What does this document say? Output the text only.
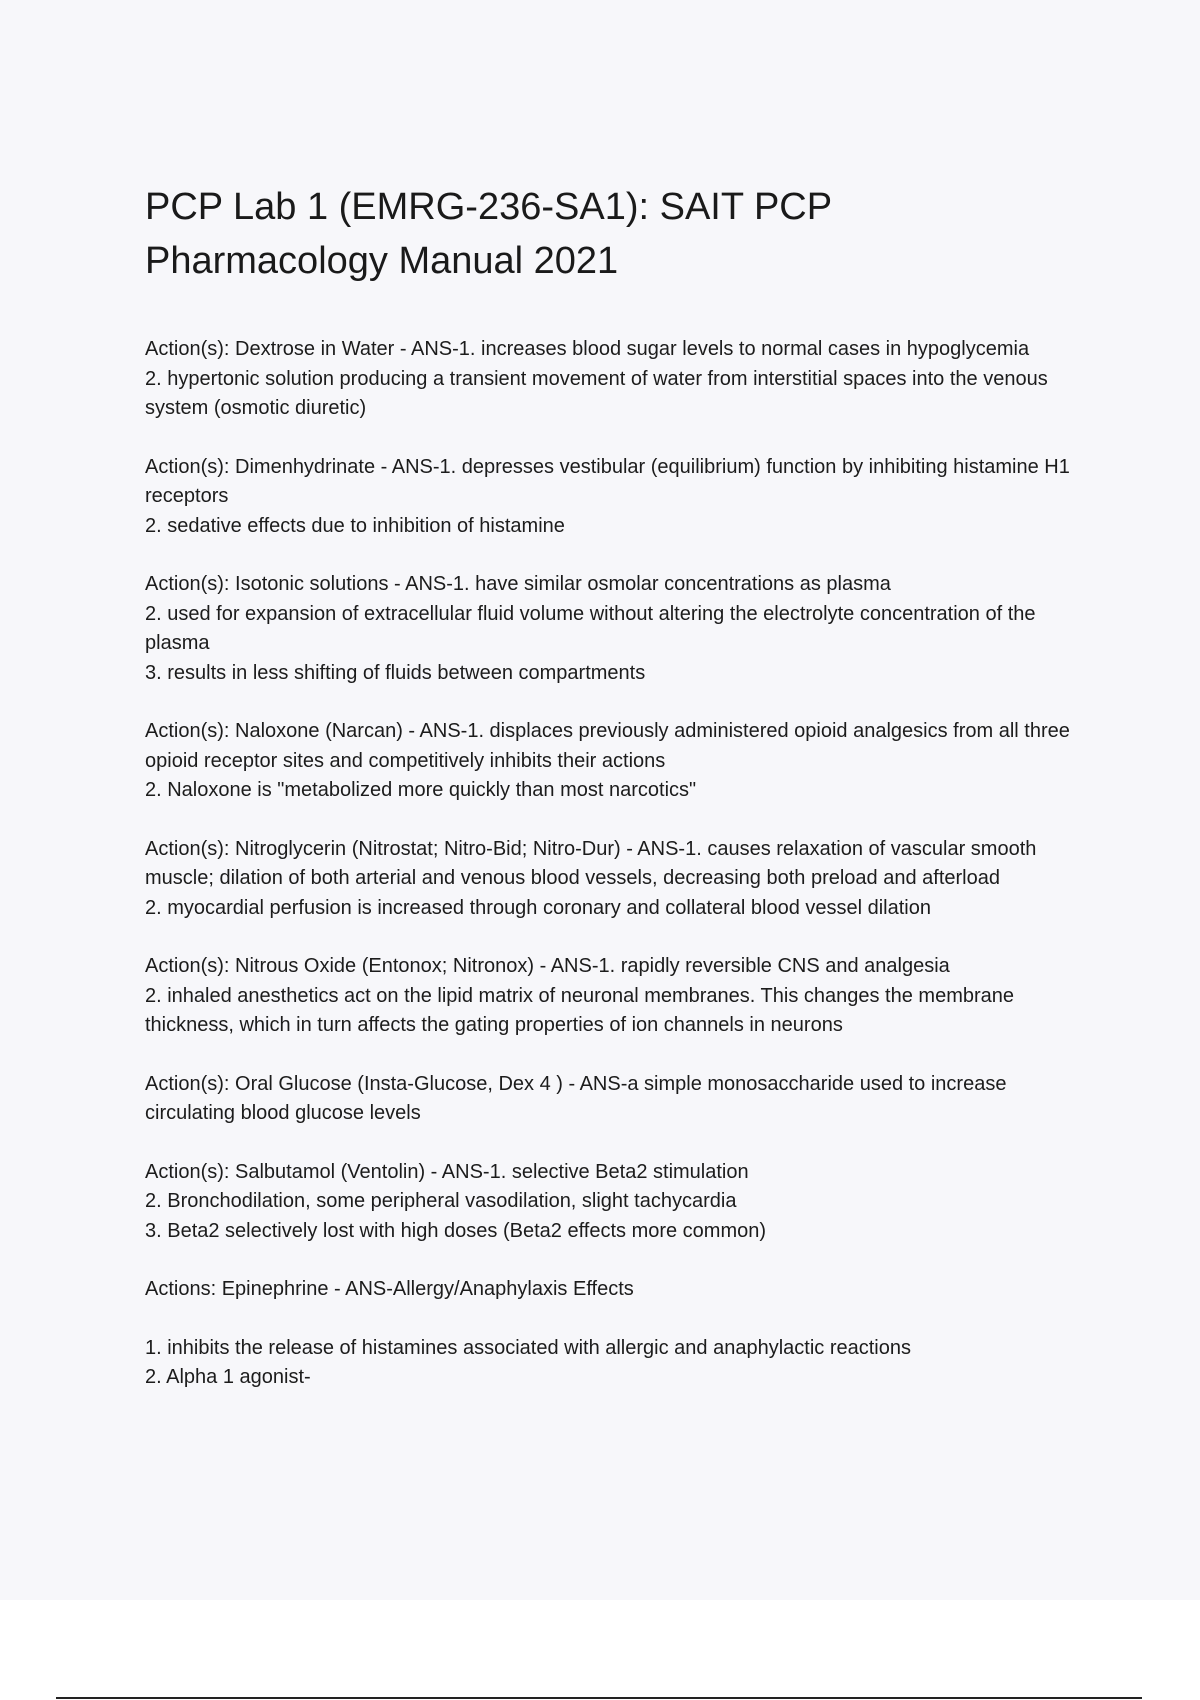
PCP Lab 1 (EMRG-236-SA1): SAIT PCP
Pharmacology Manual 2021
Action(s): Dextrose in Water - ANS-1. increases blood sugar levels to normal cases in hypoglycemia
2. hypertonic solution producing a transient movement of water from interstitial spaces into the venous system (osmotic diuretic)
Action(s): Dimenhydrinate - ANS-1. depresses vestibular (equilibrium) function by inhibiting histamine H1 receptors
2. sedative effects due to inhibition of histamine
Action(s): Isotonic solutions - ANS-1. have similar osmolar concentrations as plasma
2. used for expansion of extracellular fluid volume without altering the electrolyte concentration of the plasma
3. results in less shifting of fluids between compartments
Action(s): Naloxone (Narcan) - ANS-1. displaces previously administered opioid analgesics from all three opioid receptor sites and competitively inhibits their actions
2. Naloxone is "metabolized more quickly than most narcotics"
Action(s): Nitroglycerin (Nitrostat; Nitro-Bid; Nitro-Dur) - ANS-1. causes relaxation of vascular smooth muscle; dilation of both arterial and venous blood vessels, decreasing both preload and afterload
2. myocardial perfusion is increased through coronary and collateral blood vessel dilation
Action(s): Nitrous Oxide (Entonox; Nitronox) - ANS-1. rapidly reversible CNS and analgesia
2. inhaled anesthetics act on the lipid matrix of neuronal membranes. This changes the membrane thickness, which in turn affects the gating properties of ion channels in neurons
Action(s): Oral Glucose (Insta-Glucose, Dex 4 ) - ANS-a simple monosaccharide used to increase circulating blood glucose levels
Action(s): Salbutamol (Ventolin) - ANS-1. selective Beta2 stimulation
2. Bronchodilation, some peripheral vasodilation, slight tachycardia
3. Beta2 selectively lost with high doses (Beta2 effects more common)
Actions: Epinephrine - ANS-Allergy/Anaphylaxis Effects
1. inhibits the release of histamines associated with allergic and anaphylactic reactions
2. Alpha 1 agonist-
